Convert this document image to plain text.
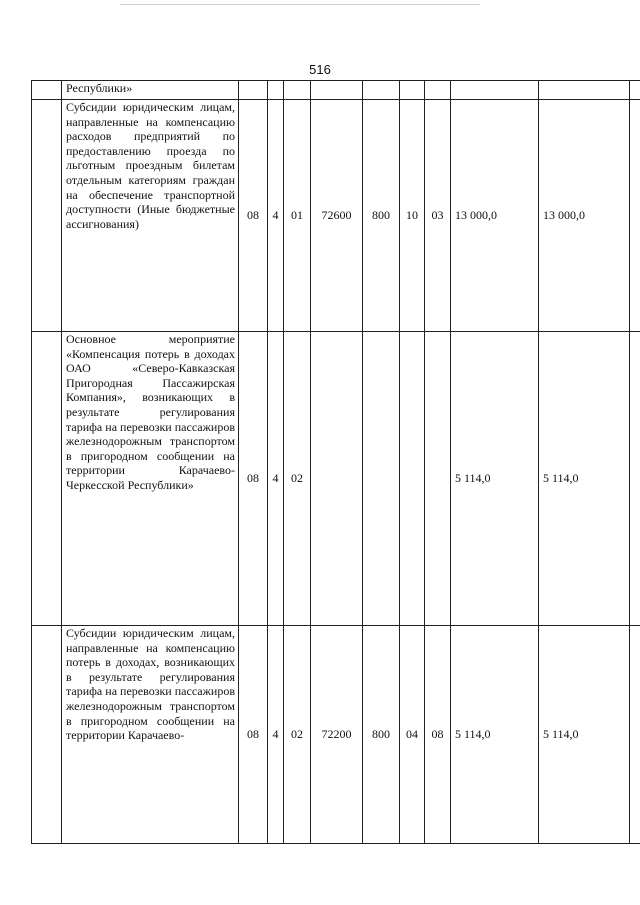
516
	Республики»										
	Субсидии юридическим лицам, направленные на компенсацию расходов предприятий по предоставлению проезда по льготным проездным билетам отдельным категориям граждан на обеспечение транспортной доступности (Иные бюджетные ассигнования)	08	4	01	72600	800	10	03	13 000,0	13 000,0	
	Основное мероприятие «Компенсация потерь в доходах ОАО «Северо-Кавказская Пригородная Пассажирская Компания», возникающих в результате регулирования тарифа на перевозки пассажиров железнодорожным транспортом в пригородном сообщении на территории Карачаево-Черкесской Республики»	08	4	02					5 114,0	5 114,0	
	Субсидии юридическим лицам, направленные на компенсацию потерь в доходах, возникающих в результате регулирования тарифа на перевозки пассажиров железнодорожным транспортом в пригородном сообщении на территории Карачаево-	08	4	02	72200	800	04	08	5 114,0	5 114,0	
